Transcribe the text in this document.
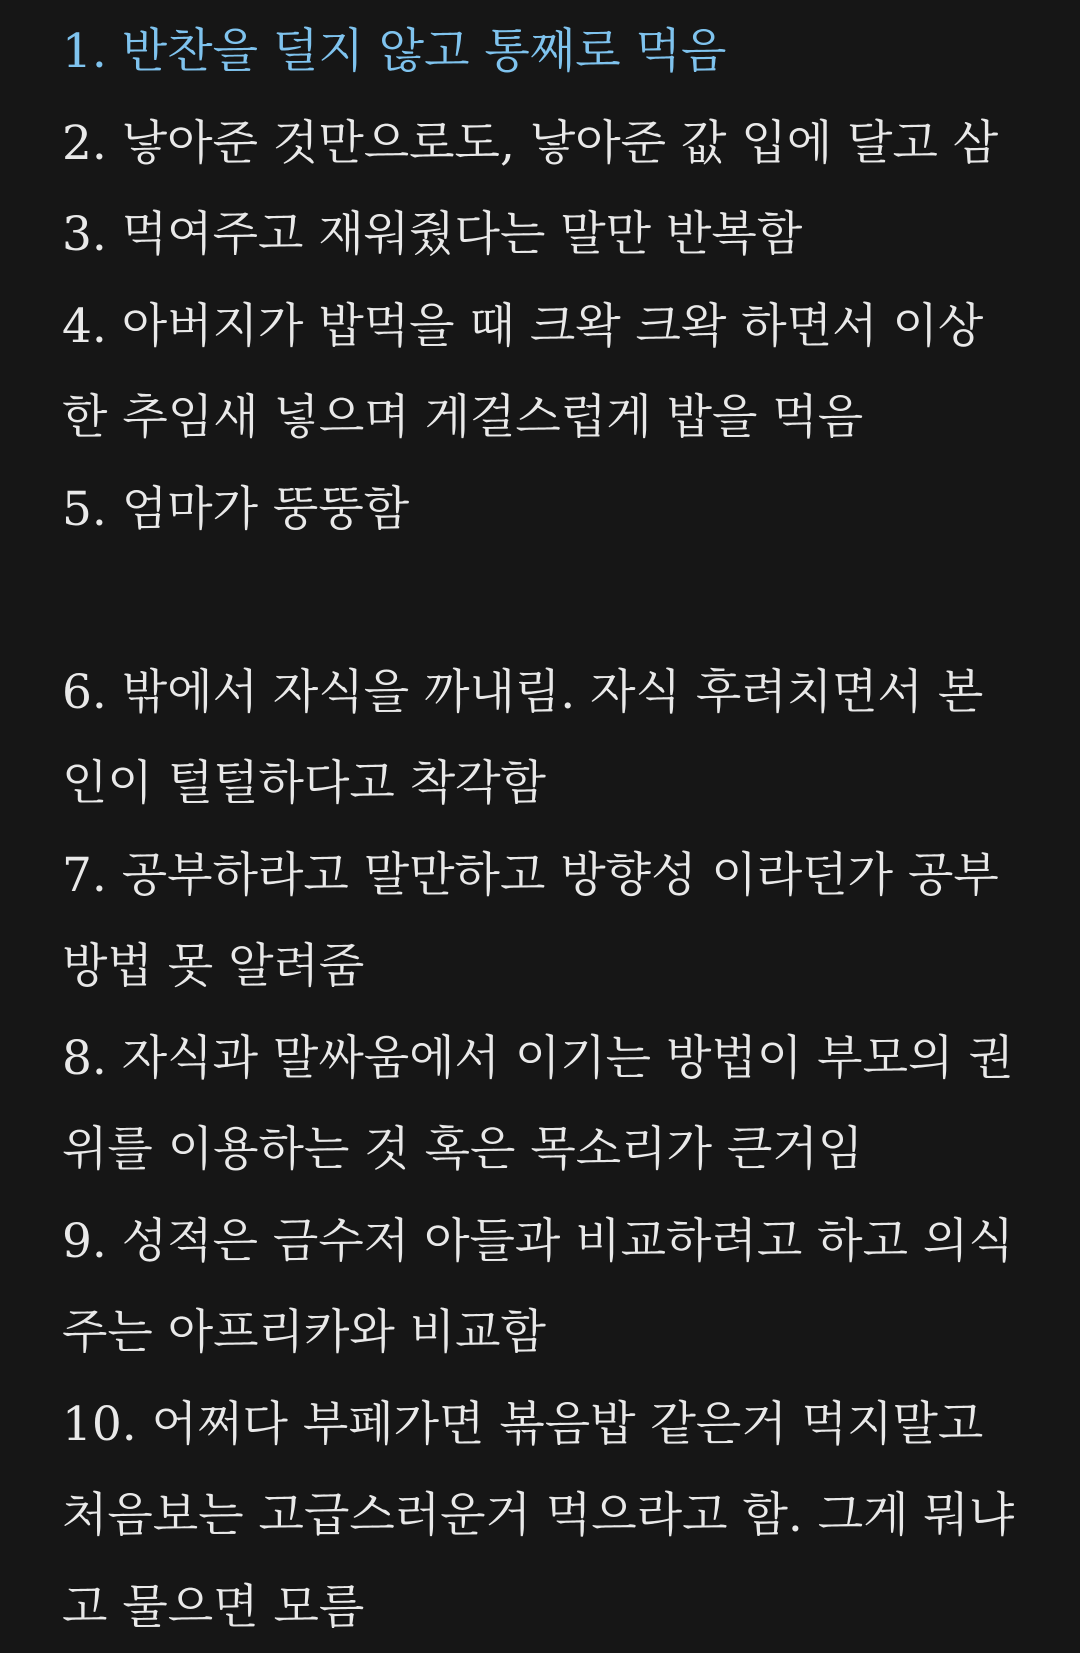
1. 반찬을 덜지 않고 통째로 먹음
2. 낳아준 것만으로도, 낳아준 값 입에 달고 삼
3. 먹여주고 재워줬다는 말만 반복함
4. 아버지가 밥먹을 때 크왁 크왁 하면서 이상
한 추임새 넣으며 게걸스럽게 밥을 먹음
5. 엄마가 뚱뚱함
6. 밖에서 자식을 까내림. 자식 후려치면서 본
인이 털털하다고 착각함
7. 공부하라고 말만하고 방향성 이라던가 공부
방법 못 알려줌
8. 자식과 말싸움에서 이기는 방법이 부모의 권
위를 이용하는 것 혹은 목소리가 큰거임
9. 성적은 금수저 아들과 비교하려고 하고 의식
주는 아프리카와 비교함
10. 어쩌다 부페가면 볶음밥 같은거 먹지말고
처음보는 고급스러운거 먹으라고 함. 그게 뭐냐
고 물으면 모름
